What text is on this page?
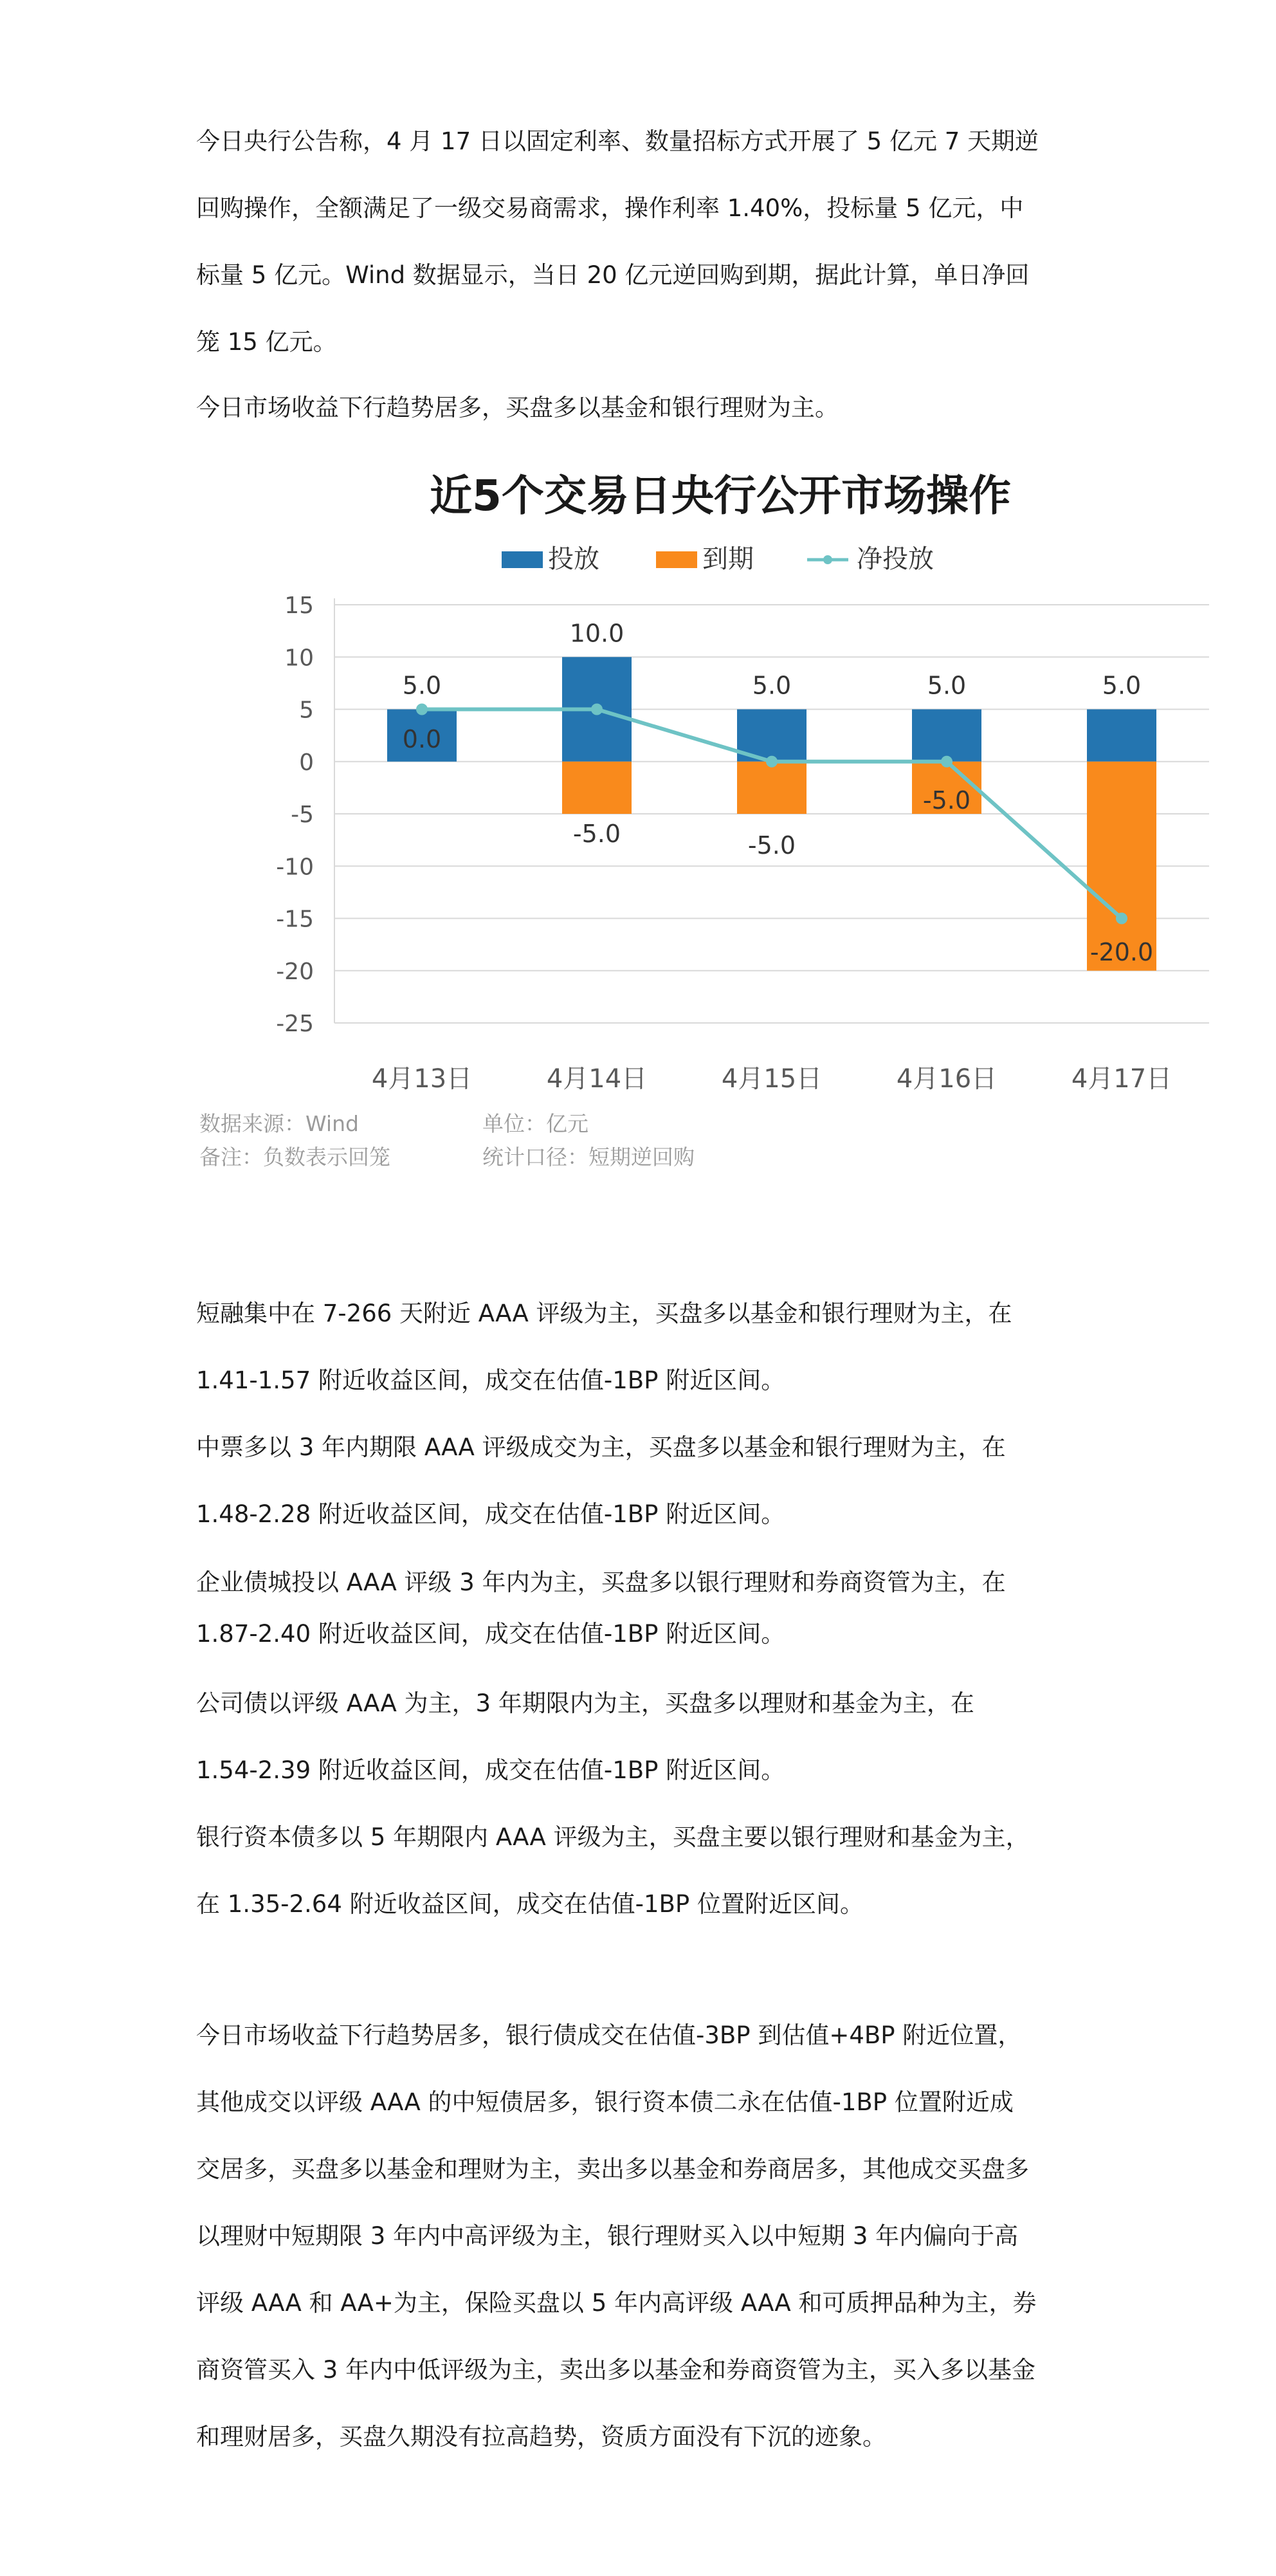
今日央行公告称，4 月 17 日以固定利率、数量招标方式开展了 5 亿元 7 天期逆
回购操作，全额满足了一级交易商需求，操作利率 1.40%，投标量 5 亿元，中
标量 5 亿元。Wind 数据显示，当日 20 亿元逆回购到期，据此计算，单日净回
笼 15 亿元。
今日市场收益下行趋势居多，买盘多以基金和银行理财为主。
近5个交易日央行公开市场操作
投放	到期	净投放
15
10
5
0
-5
-10
-15
-20
-25
5.0
10.0
5.0	5.0	5.0
0.0
-5.0	-5.0
-5.0
-20.0
4月13日	4月14日	4月15日	4月16日	4月17日
数据来源：Wind	单位：亿元
备注：负数表示回笼	统计口径：短期逆回购
短融集中在 7-266 天附近 AAA 评级为主，买盘多以基金和银行理财为主，在
1.41-1.57 附近收益区间，成交在估值-1BP 附近区间。
中票多以 3 年内期限 AAA 评级成交为主，买盘多以基金和银行理财为主，在
1.48-2.28 附近收益区间，成交在估值-1BP 附近区间。
企业债城投以 AAA 评级 3 年内为主，买盘多以银行理财和券商资管为主，在
1.87-2.40 附近收益区间，成交在估值-1BP 附近区间。
公司债以评级 AAA 为主，3 年期限内为主，买盘多以理财和基金为主，在
1.54-2.39 附近收益区间，成交在估值-1BP 附近区间。
银行资本债多以 5 年期限内 AAA 评级为主，买盘主要以银行理财和基金为主，
在 1.35-2.64 附近收益区间，成交在估值-1BP 位置附近区间。
今日市场收益下行趋势居多，银行债成交在估值-3BP 到估值+4BP 附近位置，
其他成交以评级 AAA 的中短债居多，银行资本债二永在估值-1BP 位置附近成
交居多，买盘多以基金和理财为主，卖出多以基金和券商居多，其他成交买盘多
以理财中短期限 3 年内中高评级为主，银行理财买入以中短期 3 年内偏向于高
评级 AAA 和 AA+为主，保险买盘以 5 年内高评级 AAA 和可质押品种为主，券
商资管买入 3 年内中低评级为主，卖出多以基金和券商资管为主，买入多以基金
和理财居多，买盘久期没有拉高趋势，资质方面没有下沉的迹象。
